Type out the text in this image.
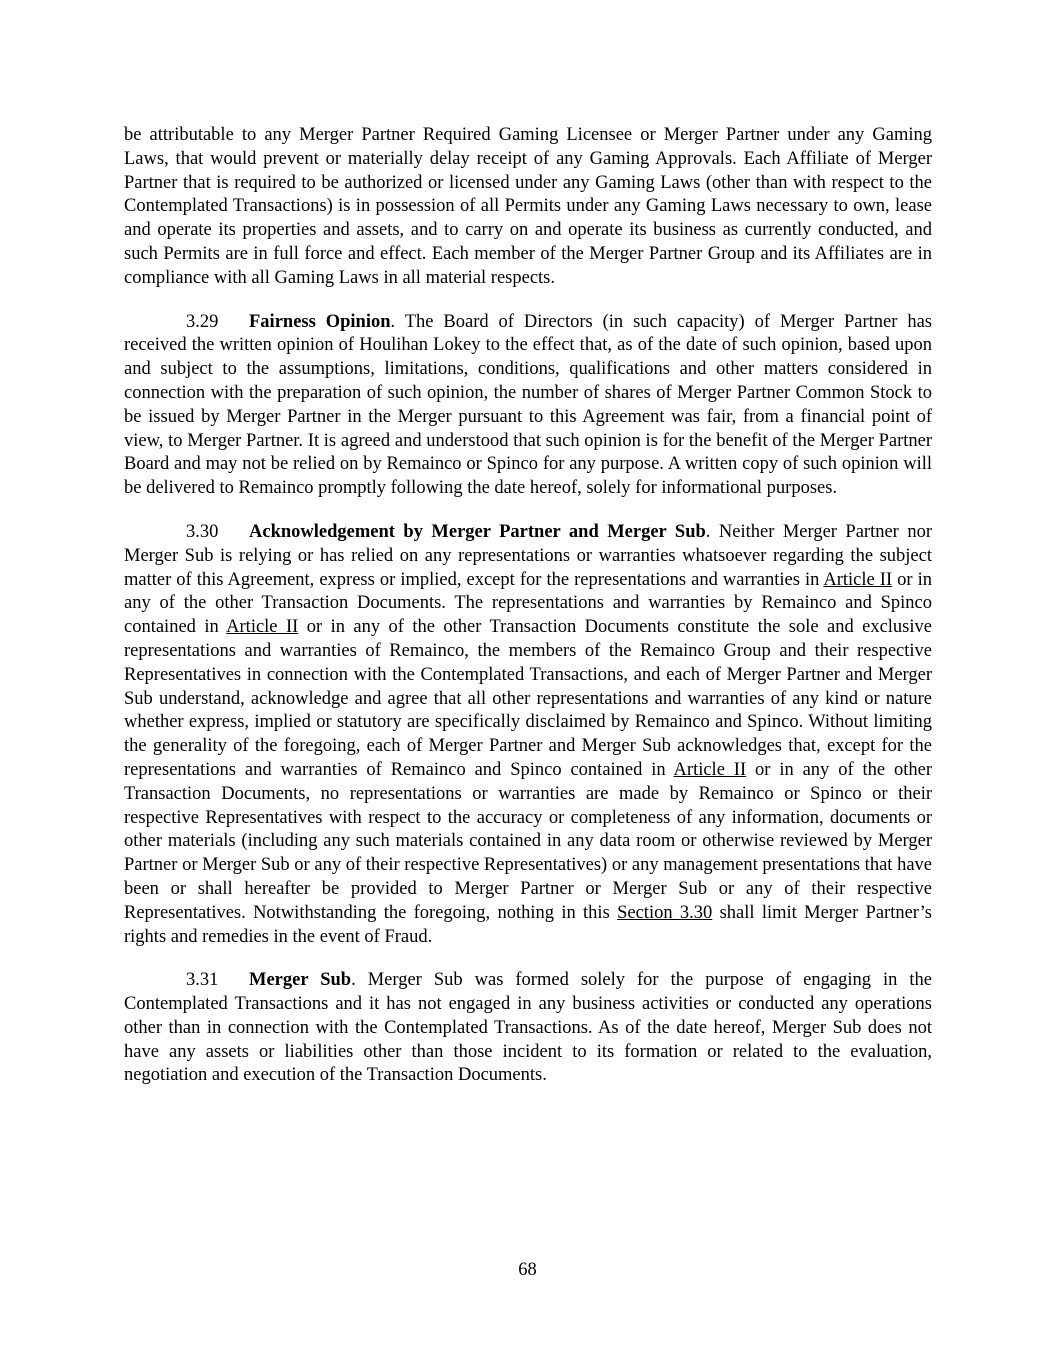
be attributable to any Merger Partner Required Gaming Licensee or Merger Partner under any Gaming Laws, that would prevent or materially delay receipt of any Gaming Approvals. Each Affiliate of Merger Partner that is required to be authorized or licensed under any Gaming Laws (other than with respect to the Contemplated Transactions) is in possession of all Permits under any Gaming Laws necessary to own, lease and operate its properties and assets, and to carry on and operate its business as currently conducted, and such Permits are in full force and effect. Each member of the Merger Partner Group and its Affiliates are in compliance with all Gaming Laws in all material respects.

3.29 Fairness Opinion. The Board of Directors (in such capacity) of Merger Partner has received the written opinion of Houlihan Lokey to the effect that, as of the date of such opinion, based upon and subject to the assumptions, limitations, conditions, qualifications and other matters considered in connection with the preparation of such opinion, the number of shares of Merger Partner Common Stock to be issued by Merger Partner in the Merger pursuant to this Agreement was fair, from a financial point of view, to Merger Partner. It is agreed and understood that such opinion is for the benefit of the Merger Partner Board and may not be relied on by Remainco or Spinco for any purpose. A written copy of such opinion will be delivered to Remainco promptly following the date hereof, solely for informational purposes.

3.30 Acknowledgement by Merger Partner and Merger Sub. Neither Merger Partner nor Merger Sub is relying or has relied on any representations or warranties whatsoever regarding the subject matter of this Agreement, express or implied, except for the representations and warranties in Article II or in any of the other Transaction Documents. The representations and warranties by Remainco and Spinco contained in Article II or in any of the other Transaction Documents constitute the sole and exclusive representations and warranties of Remainco, the members of the Remainco Group and their respective Representatives in connection with the Contemplated Transactions, and each of Merger Partner and Merger Sub understand, acknowledge and agree that all other representations and warranties of any kind or nature whether express, implied or statutory are specifically disclaimed by Remainco and Spinco. Without limiting the generality of the foregoing, each of Merger Partner and Merger Sub acknowledges that, except for the representations and warranties of Remainco and Spinco contained in Article II or in any of the other Transaction Documents, no representations or warranties are made by Remainco or Spinco or their respective Representatives with respect to the accuracy or completeness of any information, documents or other materials (including any such materials contained in any data room or otherwise reviewed by Merger Partner or Merger Sub or any of their respective Representatives) or any management presentations that have been or shall hereafter be provided to Merger Partner or Merger Sub or any of their respective Representatives. Notwithstanding the foregoing, nothing in this Section 3.30 shall limit Merger Partner’s rights and remedies in the event of Fraud.

3.31 Merger Sub. Merger Sub was formed solely for the purpose of engaging in the Contemplated Transactions and it has not engaged in any business activities or conducted any operations other than in connection with the Contemplated Transactions. As of the date hereof, Merger Sub does not have any assets or liabilities other than those incident to its formation or related to the evaluation, negotiation and execution of the Transaction Documents.

68
